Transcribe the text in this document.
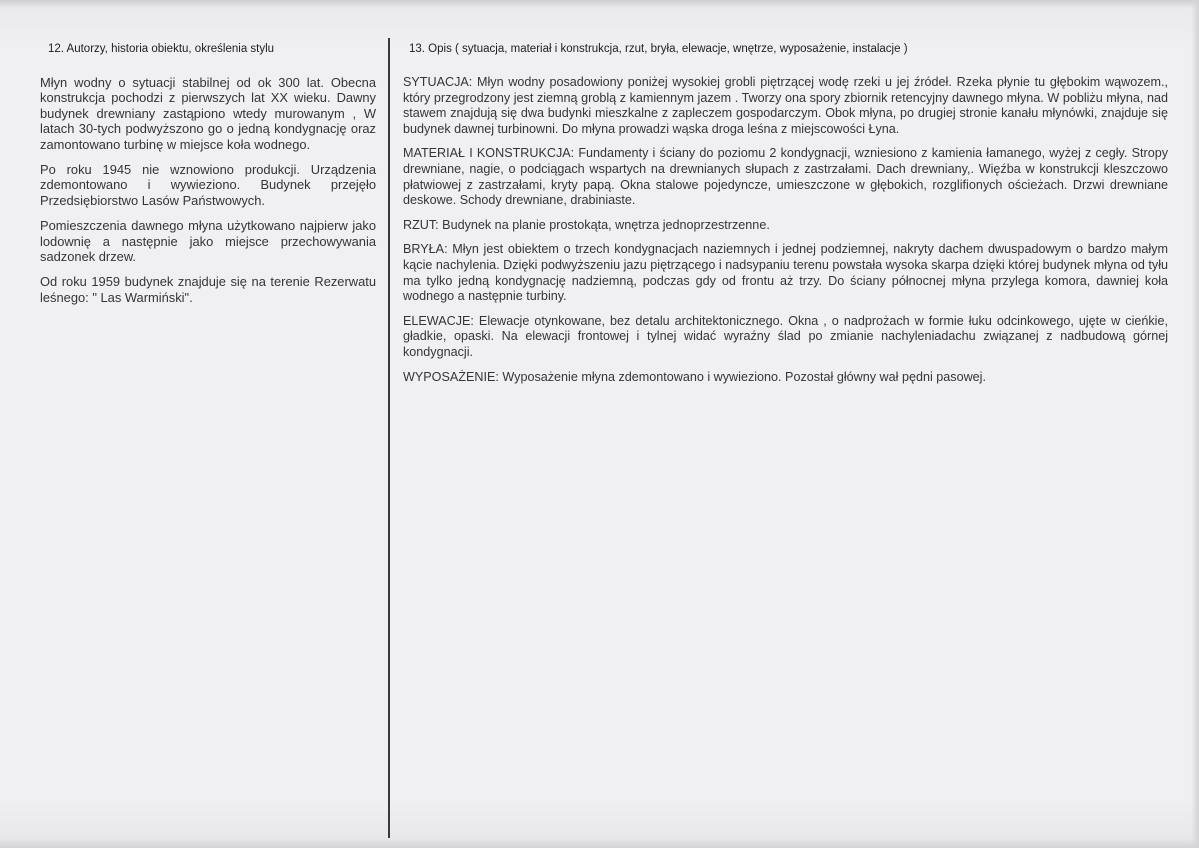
12. Autorzy, historia obiektu, określenia stylu

Młyn wodny o sytuacji stabilnej od ok 300 lat. Obecna konstrukcja pochodzi z pierwszych lat XX wieku. Dawny budynek drewniany zastąpiono wtedy murowanym , W latach 30-tych podwyższono go o jedną kondygnację oraz zamontowano turbinę w miejsce koła wodnego.

Po roku 1945 nie wznowiono produkcji. Urządzenia zdemontowano i wywieziono. Budynek przejęło Przedsiębiorstwo Lasów Państwowych.

Pomieszczenia dawnego młyna użytkowano najpierw jako lodownię a następnie jako miejsce przechowywania sadzonek drzew.

Od roku 1959 budynek znajduje się na terenie Rezerwatu leśnego: " Las Warmiński".

13. Opis ( sytuacja, materiał i konstrukcja, rzut, bryła, elewacje, wnętrze, wyposażenie, instalacje )

SYTUACJA: Młyn wodny posadowiony poniżej wysokiej grobli piętrzącej wodę rzeki u jej źródeł. Rzeka płynie tu głębokim wąwozem., który przegrodzony jest ziemną groblą z kamiennym jazem . Tworzy ona spory zbiornik retencyjny dawnego młyna. W pobliżu młyna, nad stawem znajdują się dwa budynki mieszkalne z zapleczem gospodarczym. Obok młyna, po drugiej stronie kanału młynówki, znajduje się budynek dawnej turbinowni. Do młyna prowadzi wąska droga leśna z miejscowości Łyna.

MATERIAŁ I KONSTRUKCJA: Fundamenty i ściany do poziomu 2 kondygnacji, wzniesiono z kamienia łamanego, wyżej z cegły. Stropy drewniane, nagie, o podciągach wspartych na drewnianych słupach z zastrzałami. Dach drewniany,. Więźba w konstrukcji kleszczowo płatwiowej z zastrzałami, kryty papą. Okna stalowe pojedyncze, umieszczone w głębokich, rozglifionych ościeżach. Drzwi drewniane deskowe. Schody drewniane, drabiniaste.

RZUT: Budynek na planie prostokąta, wnętrza jednoprzestrzenne.

BRYŁA: Młyn jest obiektem o trzech kondygnacjach naziemnych i jednej podziemnej, nakryty dachem dwuspadowym o bardzo małym kącie nachylenia. Dzięki podwyższeniu jazu piętrzącego i nadsypaniu terenu powstała wysoka skarpa dzięki której budynek młyna od tyłu ma tylko jedną kondygnację nadziemną, podczas gdy od frontu aż trzy. Do ściany północnej młyna przylega komora, dawniej koła wodnego a następnie turbiny.

ELEWACJE: Elewacje otynkowane, bez detalu architektonicznego. Okna , o nadprożach w formie łuku odcinkowego, ujęte w cieńkie, gładkie, opaski. Na elewacji frontowej i tylnej widać wyraźny ślad po zmianie nachyleniadachu związanej z nadbudową górnej kondygnacji.

WYPOSAŻENIE: Wyposażenie młyna zdemontowano i wywieziono. Pozostał główny wał pędni pasowej.
